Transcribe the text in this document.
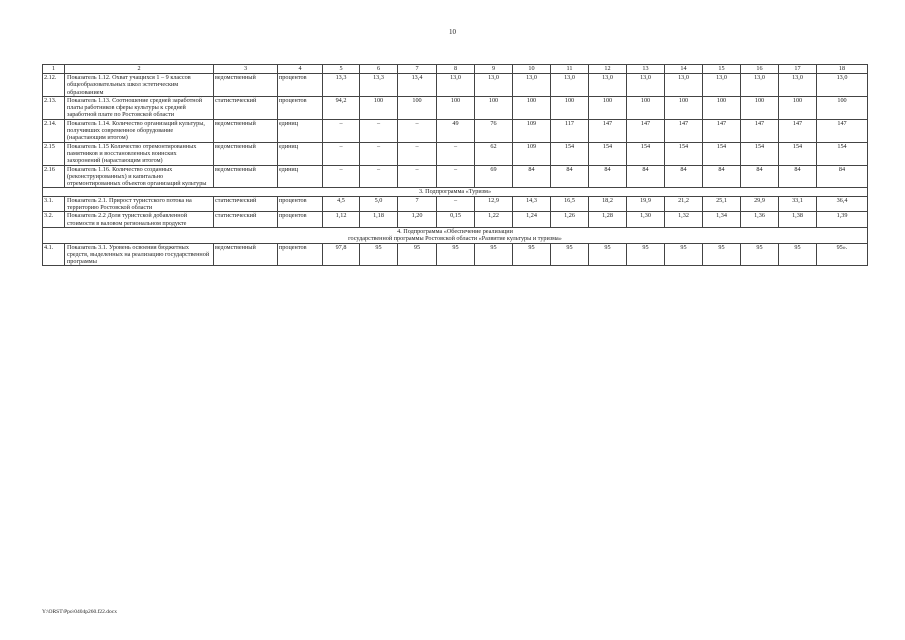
10
1	2	3	4	5	6	7	8	9	10	11	12	13	14	15	16	17	18
2.12.	Показатель 1.12. Охват учащихся 1 – 9 классов общеобразовательных школ эстетическим образованием	ведомственный	процентов	13,3	13,3	13,4	13,0	13,0	13,0	13,0	13,0	13,0	13,0	13,0	13,0	13,0	13,0
2.13.	Показатель 1.13. Соотношение средней заработной платы работников сферы культуры к средней заработной плате по Ростовской области	статистический	процентов	94,2	100	100	100	100	100	100	100	100	100	100	100	100	100
2.14.	Показатель 1.14. Количество организаций культуры, получивших современное оборудование (нарастающим итогом)	ведомственный	единиц	–	–	–	49	76	109	117	147	147	147	147	147	147	147
2.15	Показатель 1.15 Количество отремонтированных памятников и восстановленных воинских захоронений (нарастающим итогом)	ведомственный	единиц	–	–	–	–	62	109	154	154	154	154	154	154	154	154
2.16	Показатель 1.16. Количество созданных (реконструированных) и капитально отремонтированных объектов организаций культуры	ведомственный	единиц	–	–	–	–	69	84	84	84	84	84	84	84	84	84

3. Подпрограмма «Туризм»																	

3.1.	Показатель 2.1. Прирост туристского потока на территорию Ростовской области	статистический	процентов	4,5	5,0	7	–	12,9	14,3	16,5	18,2	19,9	21,2	25,1	29,9	33,1	36,4
3.2.	Показатель 2.2 Доля туристской добавленной стоимости в валовом региональном продукте	статистический	процентов	1,12	1,18	1,20	0,15	1,22	1,24	1,26	1,28	1,30	1,32	1,34	1,36	1,38	1,39

4. Подпрограмма «Обеспечение реализации
государственной программы Ростовской области «Развитие культуры и туризма»																	

4.1.	Показатель 3.1. Уровень освоения бюджетных средств, выделенных на реализацию государственной программы	ведомственный	процентов	97,8	95	95	95	95	95	95	95	95	95	95	95	95	95».
Y:\ORST\Ppo\0404p260.f22.docx
